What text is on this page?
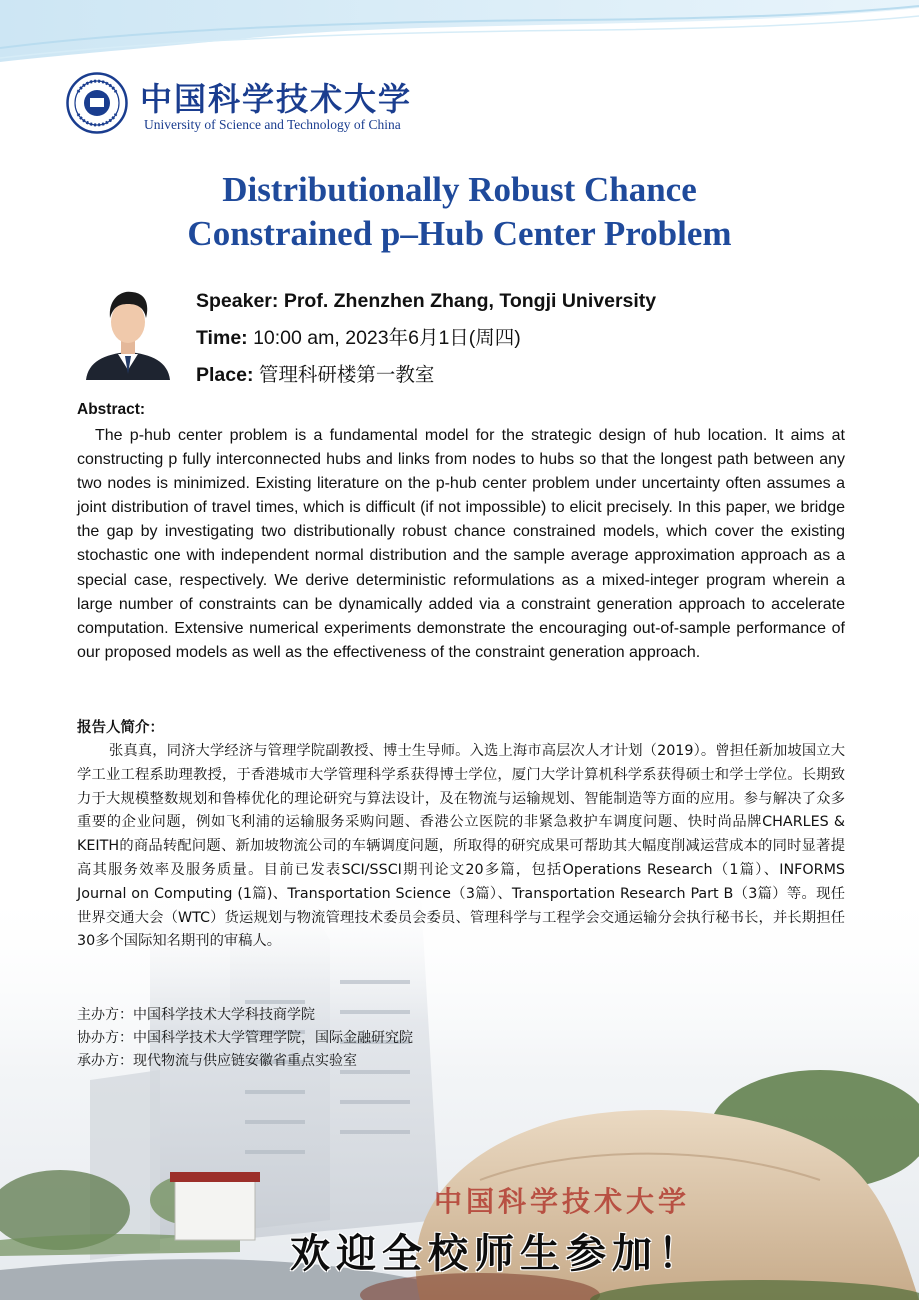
中国科学技术大学
University of Science and Technology of China
Distributionally Robust Chance
Constrained p–Hub Center Problem
Speaker: Prof. Zhenzhen Zhang, Tongji University
Time: 10:00 am, 2023年6月1日(周四)
Place: 管理科研楼第一教室
Abstract:
The p-hub center problem is a fundamental model for the strategic design of hub location. It aims at constructing p fully interconnected hubs and links from nodes to hubs so that the longest path between any two nodes is minimized. Existing literature on the p-hub center problem under uncertainty often assumes a joint distribution of travel times, which is difficult (if not impossible) to elicit precisely. In this paper, we bridge the gap by investigating two distributionally robust chance constrained models, which cover the existing stochastic one with independent normal distribution and the sample average approximation approach as a special case, respectively. We derive deterministic reformulations as a mixed-integer program wherein a large number of constraints can be dynamically added via a constraint generation approach to accelerate computation. Extensive numerical experiments demonstrate the encouraging out-of-sample performance of our proposed models as well as the effectiveness of the constraint generation approach.
报告人简介：
张真真，同济大学经济与管理学院副教授、博士生导师。入选上海市高层次人才计划（2019）。曾担任新加坡国立大学工业工程系助理教授，于香港城市大学管理科学系获得博士学位，厦门大学计算机科学系获得硕士和学士学位。长期致力于大规模整数规划和鲁棒优化的理论研究与算法设计，及在物流与运输规划、智能制造等方面的应用。参与解决了众多重要的企业问题，例如飞利浦的运输服务采购问题、香港公立医院的非紧急救护车调度问题、快时尚品牌CHARLES & KEITH的商品转配问题、新加坡物流公司的车辆调度问题，所取得的研究成果可帮助其大幅度削减运营成本的同时显著提高其服务效率及服务质量。目前已发表SCI/SSCI期刊论文20多篇，包括Operations Research（1篇）、INFORMS Journal on Computing (1篇)、Transportation Science（3篇）、Transportation Research Part B（3篇）等。现任世界交通大会（WTC）货运规划与物流管理技术委员会委员、管理科学与工程学会交通运输分会执行秘书长，并长期担任30多个国际知名期刊的审稿人。
主办方：中国科学技术大学科技商学院
协办方：中国科学技术大学管理学院，国际金融研究院
承办方：现代物流与供应链安徽省重点实验室
中国科学技术大学
欢迎全校师生参加！
